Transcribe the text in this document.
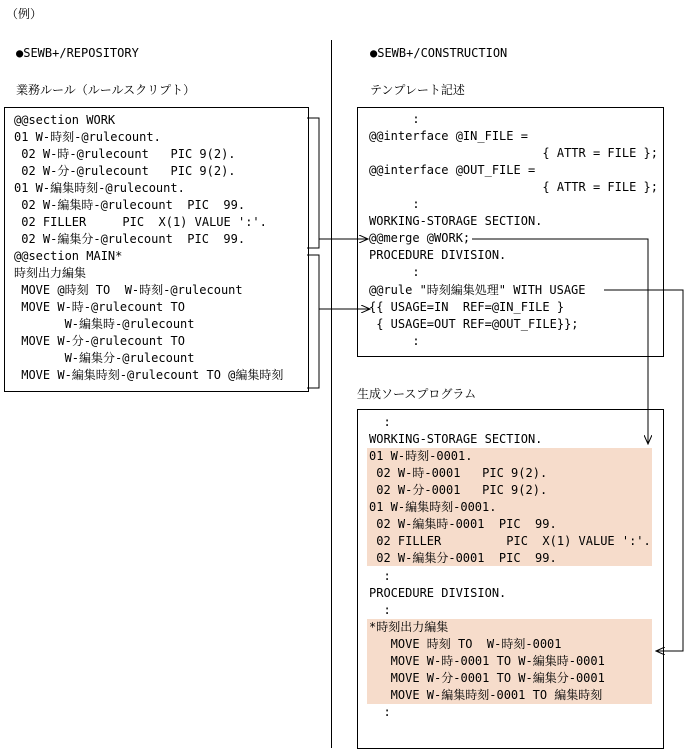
（例）
●SEWB+/REPOSITORY	●SEWB+/CONSTRUCTION
業務ルール（ルールスクリプト）
@@section WORK
01 W-時刻-@rulecount.
02 W-時-@rulecount   PIC 9(2).
02 W-分-@rulecount   PIC 9(2).
01 W-編集時刻-@rulecount.
02 W-編集時-@rulecount  PIC  99.
02 FILLER     PIC  X(1) VALUE ':'.
02 W-編集分-@rulecount  PIC  99.
@@section MAIN*
時刻出力編集
MOVE @時刻 TO  W-時刻-@rulecount
MOVE W-時-@rulecount TO
W-編集時-@rulecount
MOVE W-分-@rulecount TO
W-編集分-@rulecount
MOVE W-編集時刻-@rulecount TO @編集時刻
テンプレート記述
:
@@interface @IN_FILE =
{ ATTR = FILE };
@@interface @OUT_FILE =
{ ATTR = FILE };
:
WORKING-STORAGE SECTION.
@@merge @WORK;
PROCEDURE DIVISION.
:
@@rule "時刻編集処理" WITH USAGE
{{ USAGE=IN  REF=@IN_FILE }
{ USAGE=OUT REF=@OUT_FILE}};
:
生成ソースプログラム
:
WORKING-STORAGE SECTION.
01 W-時刻-0001.
02 W-時-0001   PIC 9(2).
02 W-分-0001   PIC 9(2).
01 W-編集時刻-0001.
02 W-編集時-0001  PIC  99.
02 FILLER         PIC  X(1) VALUE ':'.
02 W-編集分-0001  PIC  99.
:
PROCEDURE DIVISION.
:
*時刻出力編集
MOVE 時刻 TO  W-時刻-0001
MOVE W-時-0001 TO W-編集時-0001
MOVE W-分-0001 TO W-編集分-0001
MOVE W-編集時刻-0001 TO 編集時刻
:
